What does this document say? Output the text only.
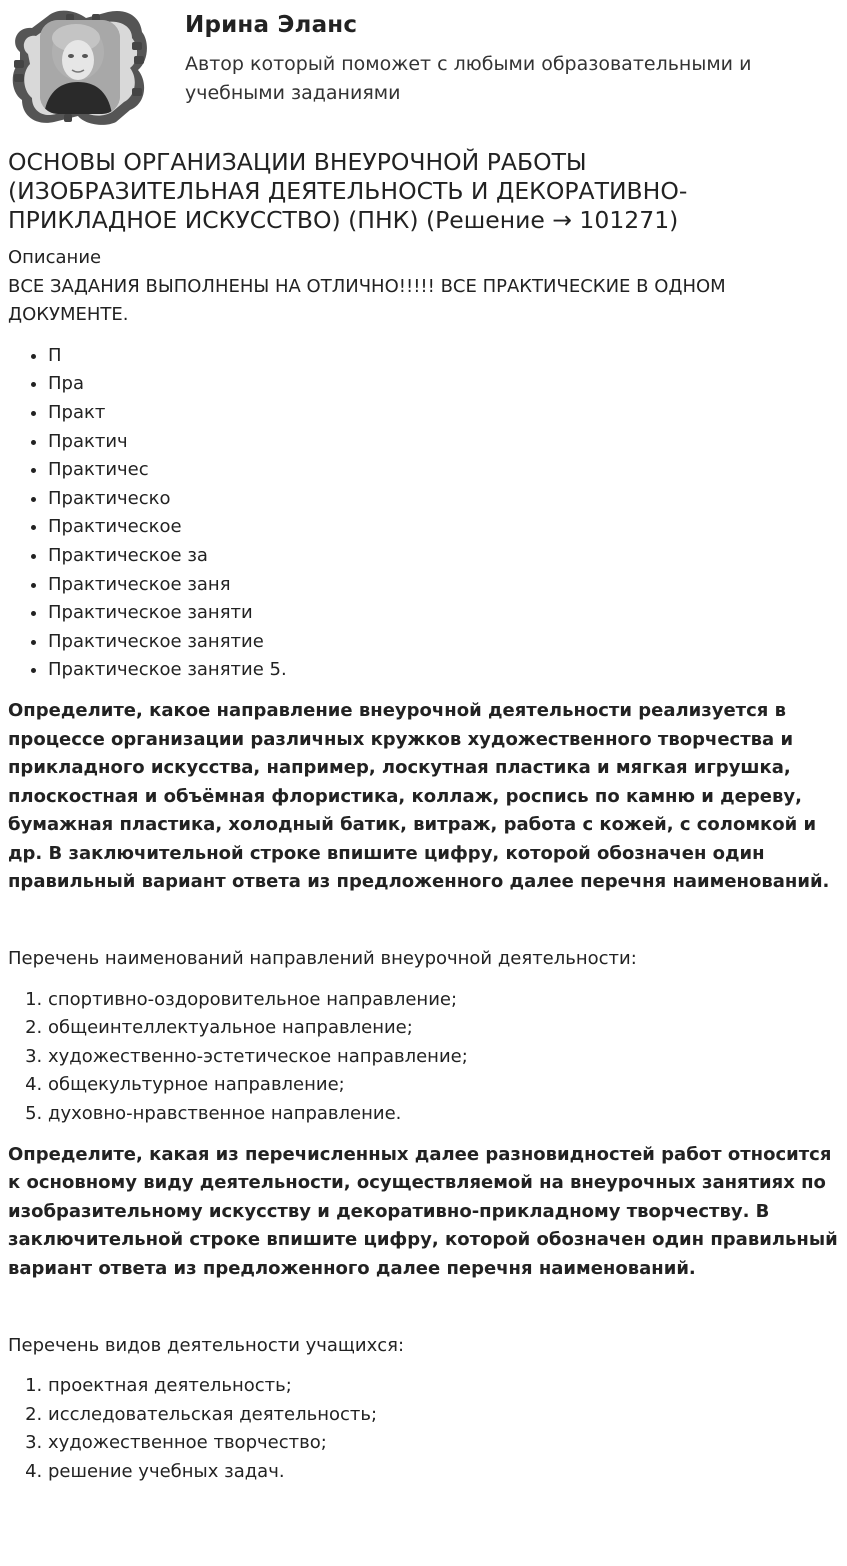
Ирина Эланс
Автор который поможет с любыми образовательными и учебными заданиями
ОСНОВЫ ОРГАНИЗАЦИИ ВНЕУРОЧНОЙ РАБОТЫ (ИЗОБРАЗИТЕЛЬНАЯ ДЕЯТЕЛЬНОСТЬ И ДЕКОРАТИВНО-ПРИКЛАДНОЕ ИСКУССТВО) (ПНК) (Решение → 101271)

Описание

ВСЕ ЗАДАНИЯ ВЫПОЛНЕНЫ НА ОТЛИЧНО!!!!! ВСЕ ПРАКТИЧЕСКИЕ В ОДНОМ ДОКУМЕНТЕ.

• П
• Пра
• Практ
• Практич
• Практичес
• Практическо
• Практическое
• Практическое за
• Практическое заня
• Практическое заняти
• Практическое занятие
• Практическое занятие 5.

Определите, какое направление внеурочной деятельности реализуется в процессе организации различных кружков художественного творчества и прикладного искусства, например, лоскутная пластика и мягкая игрушка, плоскостная и объёмная флористика, коллаж, роспись по камню и дереву, бумажная пластика, холодный батик, витраж, работа с кожей, с соломкой и др. В заключительной строке впишите цифру, которой обозначен один правильный вариант ответа из предложенного далее перечня наименований.

Перечень наименований направлений внеурочной деятельности:

1. спортивно-оздоровительное направление;
2. общеинтеллектуальное направление;
3. художественно-эстетическое направление;
4. общекультурное направление;
5. духовно-нравственное направление.

Определите, какая из перечисленных далее разновидностей работ относится к основному виду деятельности, осуществляемой на внеурочных занятиях по изобразительному искусству и декоративно-прикладному творчеству. В заключительной строке впишите цифру, которой обозначен один правильный вариант ответа из предложенного далее перечня наименований.

Перечень видов деятельности учащихся:

1. проектная деятельность;
2. исследовательская деятельность;
3. художественное творчество;
4. решение учебных задач.
